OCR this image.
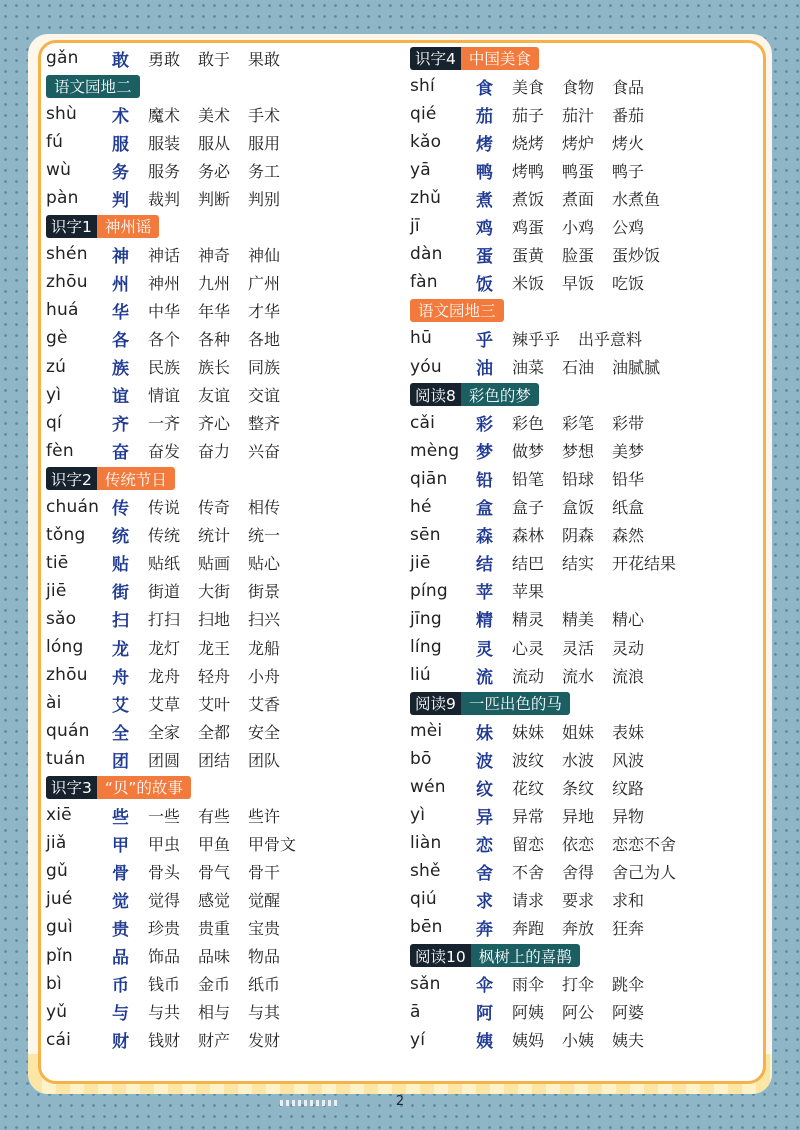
gǎn	敢	勇敢 敢于 果敢
语文园地二
shù	术	魔术 美术 手术
fú	服	服装 服从 服用
wù	务	服务 务必 务工
pàn	判	裁判 判断 判别
识字1 神州谣
shén	神	神话 神奇 神仙
zhōu	州	神州 九州 广州
huá	华	中华 年华 才华
gè	各	各个 各种 各地
zú	族	民族 族长 同族
yì	谊	情谊 友谊 交谊
qí	齐	一齐 齐心 整齐
fèn	奋	奋发 奋力 兴奋
识字2 传统节日
chuán 传	传说 传奇 相传
tǒng	统	传统 统计 统一
tiē	贴	贴纸 贴画 贴心
jiē	街	街道 大街 街景
sǎo	扫	打扫 扫地 扫兴
lóng	龙	龙灯 龙王 龙船
zhōu	舟	龙舟 轻舟 小舟
ài	艾	艾草 艾叶 艾香
quán	全	全家 全都 安全
tuán	团	团圆 团结 团队
识字3 “贝”的故事
xiē	些	一些 有些 些许
jiǎ	甲	甲虫 甲鱼 甲骨文
gǔ	骨	骨头 骨气 骨干
jué	觉	觉得 感觉 觉醒
guì	贵	珍贵 贵重 宝贵
pǐn	品	饰品 品味 物品
bì	币	钱币 金币 纸币
yǔ	与	与共 相与 与其
cái	财	钱财 财产 发财
识字4 中国美食
shí	食	美食 食物 食品
qié	茄	茄子 茄汁 番茄
kǎo	烤	烧烤 烤炉 烤火
yā	鸭	烤鸭 鸭蛋 鸭子
zhǔ	煮	煮饭 煮面 水煮鱼
jī	鸡	鸡蛋 小鸡 公鸡
dàn	蛋	蛋黄 脸蛋 蛋炒饭
fàn	饭	米饭 早饭 吃饭
语文园地三
hū	乎	辣乎乎 出乎意料
yóu	油	油菜 石油 油腻腻
阅读8 彩色的梦
cǎi	彩	彩色 彩笔 彩带
mèng 梦	做梦 梦想 美梦
qiān	铅	铅笔 铅球 铅华
hé	盒	盒子 盒饭 纸盒
sēn	森	森林 阴森 森然
jiē	结	结巴 结实 开花结果
píng	苹	苹果
jīng	精	精灵 精美 精心
líng	灵	心灵 灵活 灵动
liú	流	流动 流水 流浪
阅读9 一匹出色的马
mèi	妹	妹妹 姐妹 表妹
bō	波	波纹 水波 风波
wén	纹	花纹 条纹 纹路
yì	异	异常 异地 异物
liàn	恋	留恋 依恋 恋恋不舍
shě	舍	不舍 舍得 舍己为人
qiú	求	请求 要求 求和
bēn	奔	奔跑 奔放 狂奔
阅读10 枫树上的喜鹊
sǎn	伞	雨伞 打伞 跳伞
ā	阿	阿姨 阿公 阿婆
yí	姨	姨妈 小姨 姨夫
2
